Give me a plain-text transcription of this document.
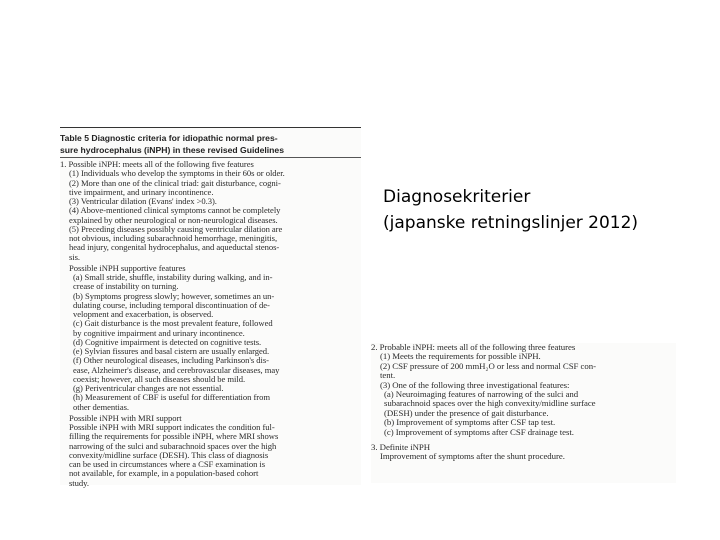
Table 5 Diagnostic criteria for idiopathic normal pres-
sure hydrocephalus (iNPH) in these revised Guidelines
1. Possible iNPH: meets all of the following five features
(1) Individuals who develop the symptoms in their 60s or older.
(2) More than one of the clinical triad: gait disturbance, cogni-
tive impairment, and urinary incontinence.
(3) Ventricular dilation (Evans' index >0.3).
(4) Above-mentioned clinical symptoms cannot be completely
explained by other neurological or non-neurological diseases.
(5) Preceding diseases possibly causing ventricular dilation are
not obvious, including subarachnoid hemorrhage, meningitis,
head injury, congenital hydrocephalus, and aqueductal stenos-
sis.
Possible iNPH supportive features
(a) Small stride, shuffle, instability during walking, and in-
crease of instability on turning.
(b) Symptoms progress slowly; however, sometimes an un-
dulating course, including temporal discontinuation of de-
velopment and exacerbation, is observed.
(c) Gait disturbance is the most prevalent feature, followed
by cognitive impairment and urinary incontinence.
(d) Cognitive impairment is detected on cognitive tests.
(e) Sylvian fissures and basal cistern are usually enlarged.
(f) Other neurological diseases, including Parkinson's dis-
ease, Alzheimer's disease, and cerebrovascular diseases, may
coexist; however, all such diseases should be mild.
(g) Periventricular changes are not essential.
(h) Measurement of CBF is useful for differentiation from
other dementias.
Possible iNPH with MRI support
Possible iNPH with MRI support indicates the condition ful-
filling the requirements for possible iNPH, where MRI shows
narrowing of the sulci and subarachnoid spaces over the high
convexity/midline surface (DESH). This class of diagnosis
can be used in circumstances where a CSF examination is
not available, for example, in a population-based cohort
study.
Diagnosekriterier
(japanske retningslinjer 2012)
2. Probable iNPH: meets all of the following three features
(1) Meets the requirements for possible iNPH.
(2) CSF pressure of 200 mmH₂O or less and normal CSF con-
tent.
(3) One of the following three investigational features:
(a) Neuroimaging features of narrowing of the sulci and
subarachnoid spaces over the high convexity/midline surface
(DESH) under the presence of gait disturbance.
(b) Improvement of symptoms after CSF tap test.
(c) Improvement of symptoms after CSF drainage test.
3. Definite iNPH
Improvement of symptoms after the shunt procedure.
